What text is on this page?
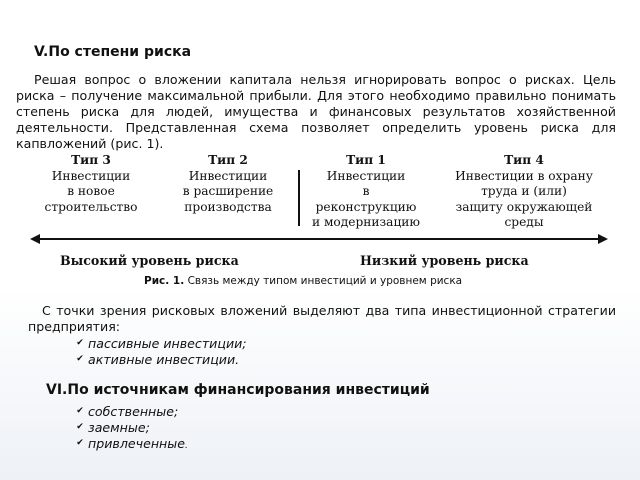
V.По степени риска
Решая вопрос о вложении капитала нельзя игнорировать вопрос о рисках. Цель риска – получение максимальной прибыли. Для этого необходимо правильно понимать степень риска для людей, имущества и финансовых результатов хозяйственной деятельности. Представленная схема позволяет определить уровень риска для капвложений (рис. 1).
Тип 3
Инвестиции
в новое
строительство
Тип 2
Инвестиции
в расширение
производства
Тип 1
Инвестиции
в
реконструкцию
и модернизацию
Тип 4
Инвестиции в охрану
труда и (или)
защиту окружающей
среды
Высокий уровень риска	Низкий уровень риска
Рис. 1. Связь между типом инвестиций и уровнем риска
С точки зрения рисковых вложений выделяют два типа инвестиционной стратегии предприятия:
✔ пассивные инвестиции;
✔ активные инвестиции.
VI.По источникам финансирования инвестиций
✔ собственные;
✔ заемные;
✔ привлеченные.
